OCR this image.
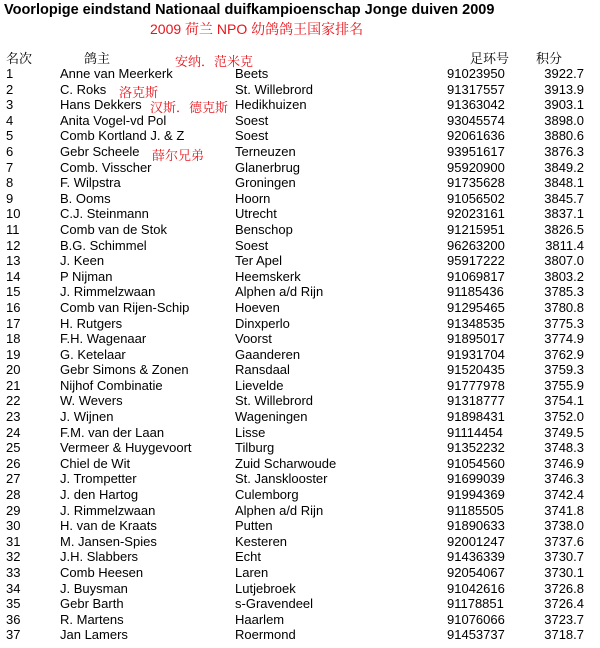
Voorlopige eindstand Nationaal duifkampioenschap Jonge duiven 2009
2009 荷兰 NPO 幼鸽鸽王国家排名
名次	鸽主	足环号 积分
安纳．范米克
洛克斯
汉斯．德克斯
薛尔兄弟
1	Anne van Meerkerk	Beets	91023950	3922.7
2	C. Roks	St. Willebrord	91317557	3913.9
3	Hans Dekkers	Hedikhuizen	91363042	3903.1
4	Anita Vogel-vd Pol	Soest	93045574	3898.0
5	Comb Kortland J. & Z	Soest	92061636	3880.6
6	Gebr Scheele	Terneuzen	93951617	3876.3
7	Comb. Visscher	Glanerbrug	95920900	3849.2
8	F. Wilpstra	Groningen	91735628	3848.1
9	B. Ooms	Hoorn	91056502	3845.7
10	C.J. Steinmann	Utrecht	92023161	3837.1
11	Comb van de Stok	Benschop	91215951	3826.5
12	B.G. Schimmel	Soest	96263200	3811.4
13	J. Keen	Ter Apel	95917222	3807.0
14	P Nijman	Heemskerk	91069817	3803.2
15	J. Rimmelzwaan	Alphen a/d Rijn	91185436	3785.3
16	Comb van Rijen-Schip	Hoeven	91295465	3780.8
17	H. Rutgers	Dinxperlo	91348535	3775.3
18	F.H. Wagenaar	Voorst	91895017	3774.9
19	G. Ketelaar	Gaanderen	91931704	3762.9
20	Gebr Simons & Zonen	Ransdaal	91520435	3759.3
21	Nijhof Combinatie	Lievelde	91777978	3755.9
22	W. Wevers	St. Willebrord	91318777	3754.1
23	J. Wijnen	Wageningen	91898431	3752.0
24	F.M. van der Laan	Lisse	91114454	3749.5
25	Vermeer & Huygevoort	Tilburg	91352232	3748.3
26	Chiel de Wit	Zuid Scharwoude	91054560	3746.9
27	J. Trompetter	St. Jansklooster	91699039	3746.3
28	J. den Hartog	Culemborg	91994369	3742.4
29	J. Rimmelzwaan	Alphen a/d Rijn	91185505	3741.8
30	H. van de Kraats	Putten	91890633	3738.0
31	M. Jansen-Spies	Kesteren	92001247	3737.6
32	J.H. Slabbers	Echt	91436339	3730.7
33	Comb Heesen	Laren	92054067	3730.1
34	J. Buysman	Lutjebroek	91042616	3726.8
35	Gebr Barth	s-Gravendeel	91178851	3726.4
36	R. Martens	Haarlem	91076066	3723.7
37	Jan Lamers	Roermond	91453737	3718.7
